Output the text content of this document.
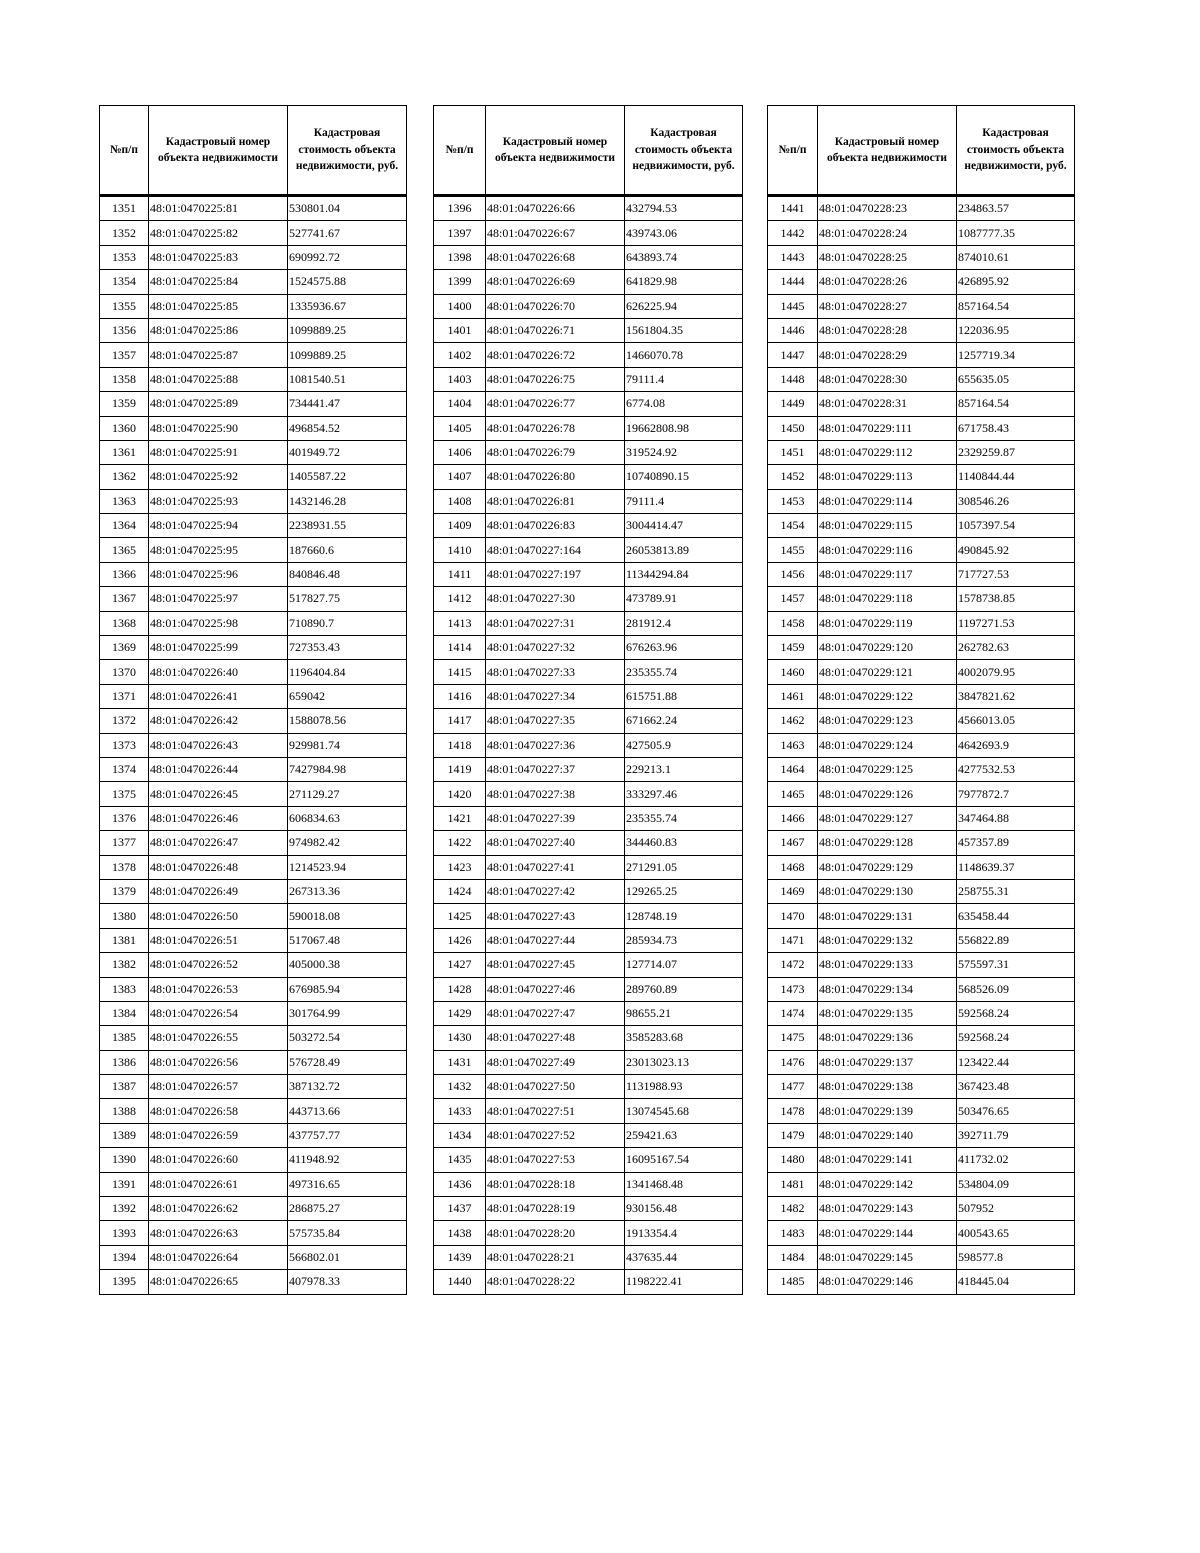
№п/п	Кадастровый номер объекта недвижимости	Кадастровая стоимость объекта недвижимости, руб.
1351	48:01:0470225:81	530801.04
1352	48:01:0470225:82	527741.67
1353	48:01:0470225:83	690992.72
1354	48:01:0470225:84	1524575.88
1355	48:01:0470225:85	1335936.67
1356	48:01:0470225:86	1099889.25
1357	48:01:0470225:87	1099889.25
1358	48:01:0470225:88	1081540.51
1359	48:01:0470225:89	734441.47
1360	48:01:0470225:90	496854.52
1361	48:01:0470225:91	401949.72
1362	48:01:0470225:92	1405587.22
1363	48:01:0470225:93	1432146.28
1364	48:01:0470225:94	2238931.55
1365	48:01:0470225:95	187660.6
1366	48:01:0470225:96	840846.48
1367	48:01:0470225:97	517827.75
1368	48:01:0470225:98	710890.7
1369	48:01:0470225:99	727353.43
1370	48:01:0470226:40	1196404.84
1371	48:01:0470226:41	659042
1372	48:01:0470226:42	1588078.56
1373	48:01:0470226:43	929981.74
1374	48:01:0470226:44	7427984.98
1375	48:01:0470226:45	271129.27
1376	48:01:0470226:46	606834.63
1377	48:01:0470226:47	974982.42
1378	48:01:0470226:48	1214523.94
1379	48:01:0470226:49	267313.36
1380	48:01:0470226:50	590018.08
1381	48:01:0470226:51	517067.48
1382	48:01:0470226:52	405000.38
1383	48:01:0470226:53	676985.94
1384	48:01:0470226:54	301764.99
1385	48:01:0470226:55	503272.54
1386	48:01:0470226:56	576728.49
1387	48:01:0470226:57	387132.72
1388	48:01:0470226:58	443713.66
1389	48:01:0470226:59	437757.77
1390	48:01:0470226:60	411948.92
1391	48:01:0470226:61	497316.65
1392	48:01:0470226:62	286875.27
1393	48:01:0470226:63	575735.84
1394	48:01:0470226:64	566802.01
1395	48:01:0470226:65	407978.33
№п/п	Кадастровый номер объекта недвижимости	Кадастровая стоимость объекта недвижимости, руб.
1396	48:01:0470226:66	432794.53
1397	48:01:0470226:67	439743.06
1398	48:01:0470226:68	643893.74
1399	48:01:0470226:69	641829.98
1400	48:01:0470226:70	626225.94
1401	48:01:0470226:71	1561804.35
1402	48:01:0470226:72	1466070.78
1403	48:01:0470226:75	79111.4
1404	48:01:0470226:77	6774.08
1405	48:01:0470226:78	19662808.98
1406	48:01:0470226:79	319524.92
1407	48:01:0470226:80	10740890.15
1408	48:01:0470226:81	79111.4
1409	48:01:0470226:83	3004414.47
1410	48:01:0470227:164	26053813.89
1411	48:01:0470227:197	11344294.84
1412	48:01:0470227:30	473789.91
1413	48:01:0470227:31	281912.4
1414	48:01:0470227:32	676263.96
1415	48:01:0470227:33	235355.74
1416	48:01:0470227:34	615751.88
1417	48:01:0470227:35	671662.24
1418	48:01:0470227:36	427505.9
1419	48:01:0470227:37	229213.1
1420	48:01:0470227:38	333297.46
1421	48:01:0470227:39	235355.74
1422	48:01:0470227:40	344460.83
1423	48:01:0470227:41	271291.05
1424	48:01:0470227:42	129265.25
1425	48:01:0470227:43	128748.19
1426	48:01:0470227:44	285934.73
1427	48:01:0470227:45	127714.07
1428	48:01:0470227:46	289760.89
1429	48:01:0470227:47	98655.21
1430	48:01:0470227:48	3585283.68
1431	48:01:0470227:49	23013023.13
1432	48:01:0470227:50	1131988.93
1433	48:01:0470227:51	13074545.68
1434	48:01:0470227:52	259421.63
1435	48:01:0470227:53	16095167.54
1436	48:01:0470228:18	1341468.48
1437	48:01:0470228:19	930156.48
1438	48:01:0470228:20	1913354.4
1439	48:01:0470228:21	437635.44
1440	48:01:0470228:22	1198222.41
№п/п	Кадастровый номер объекта недвижимости	Кадастровая стоимость объекта недвижимости, руб.
1441	48:01:0470228:23	234863.57
1442	48:01:0470228:24	1087777.35
1443	48:01:0470228:25	874010.61
1444	48:01:0470228:26	426895.92
1445	48:01:0470228:27	857164.54
1446	48:01:0470228:28	122036.95
1447	48:01:0470228:29	1257719.34
1448	48:01:0470228:30	655635.05
1449	48:01:0470228:31	857164.54
1450	48:01:0470229:111	671758.43
1451	48:01:0470229:112	2329259.87
1452	48:01:0470229:113	1140844.44
1453	48:01:0470229:114	308546.26
1454	48:01:0470229:115	1057397.54
1455	48:01:0470229:116	490845.92
1456	48:01:0470229:117	717727.53
1457	48:01:0470229:118	1578738.85
1458	48:01:0470229:119	1197271.53
1459	48:01:0470229:120	262782.63
1460	48:01:0470229:121	4002079.95
1461	48:01:0470229:122	3847821.62
1462	48:01:0470229:123	4566013.05
1463	48:01:0470229:124	4642693.9
1464	48:01:0470229:125	4277532.53
1465	48:01:0470229:126	7977872.7
1466	48:01:0470229:127	347464.88
1467	48:01:0470229:128	457357.89
1468	48:01:0470229:129	1148639.37
1469	48:01:0470229:130	258755.31
1470	48:01:0470229:131	635458.44
1471	48:01:0470229:132	556822.89
1472	48:01:0470229:133	575597.31
1473	48:01:0470229:134	568526.09
1474	48:01:0470229:135	592568.24
1475	48:01:0470229:136	592568.24
1476	48:01:0470229:137	123422.44
1477	48:01:0470229:138	367423.48
1478	48:01:0470229:139	503476.65
1479	48:01:0470229:140	392711.79
1480	48:01:0470229:141	411732.02
1481	48:01:0470229:142	534804.09
1482	48:01:0470229:143	507952
1483	48:01:0470229:144	400543.65
1484	48:01:0470229:145	598577.8
1485	48:01:0470229:146	418445.04
